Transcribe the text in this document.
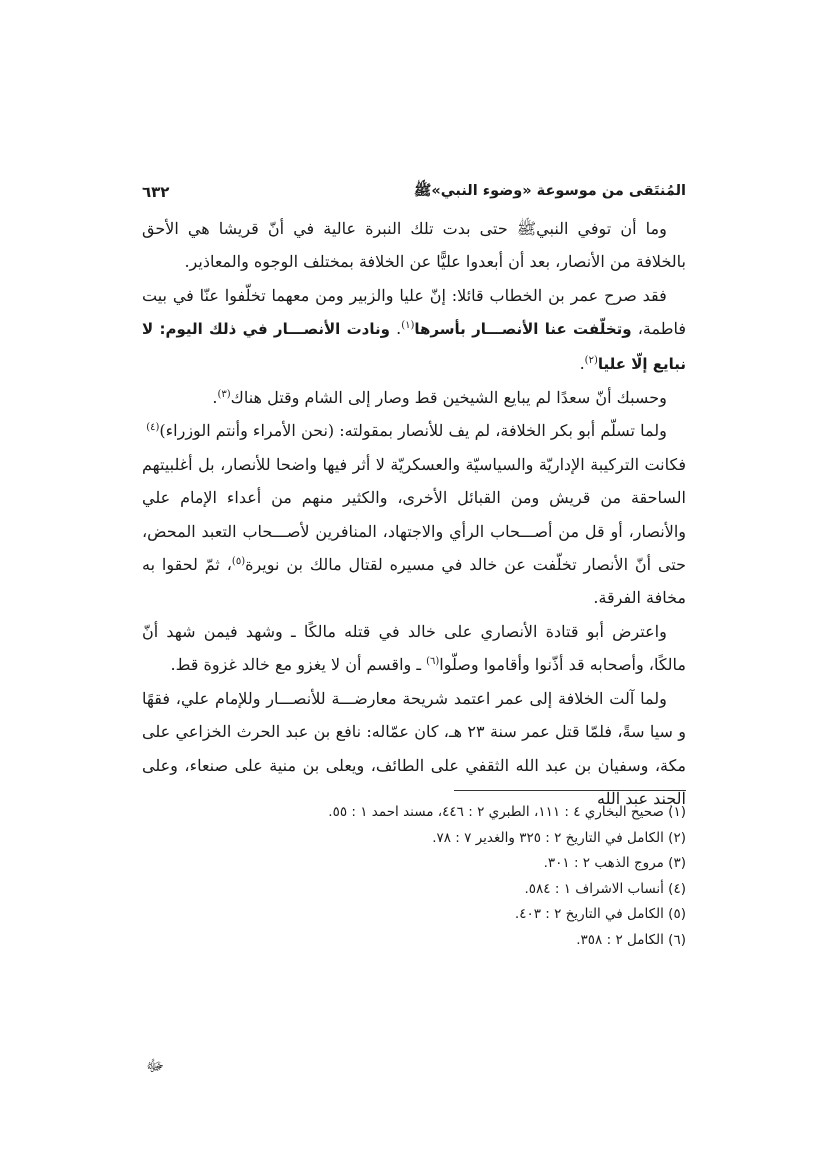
المُنتَقى من موسوعة «وضوء النبي»ﷺ
٦٣٢

وما أن توفي النبيﷺ حتى بدت تلك النبرة عالية في أنّ قريشا هي الأحق بالخلافة من الأنصار، بعد أن أبعدوا عليًّا عن الخلافة بمختلف الوجوه والمعاذير.

فقد صرح عمر بن الخطاب قائلا: إنّ عليا والزبير ومن معهما تخلّفوا عنّا في بيت فاطمة، وتخلّفت عنا الأنصـــار بأسرها$^{(١)}$. ونادت الأنصـــار في ذلك اليوم: لا نبايع إلّا عليا$^{(٢)}$.

وحسبك أنّ سعدًا لم يبايع الشيخين قط وصار إلى الشام وقتل هناك$^{(٣)}$.

ولما تسلّم أبو بكر الخلافة، لم يف للأنصار بمقولته: (نحن الأمراء وأنتم الوزراء)$^{(٤)}$

فكانت التركيبة الإداريّة والسياسيّة والعسكريّة لا أثر فيها واضحا للأنصار، بل أغلبيتهم الساحقة من قريش ومن القبائل الأخرى، والكثير منهم من أعداء الإمام علي والأنصار، أو قل من أصـــحاب الرأي والاجتهاد، المنافرين لأصـــحاب التعبد المحض، حتى أنّ الأنصار تخلّفت عن خالد في مسيره لقتال مالك بن نويرة$^{(٥)}$، ثمّ لحقوا به مخافة الفرقة.

واعترض أبو قتادة الأنصاري على خالد في قتله مالكًا ـ وشهد فيمن شهد أنّ مالكًا، وأصحابه قد أذّنوا وأقاموا وصلّوا$^{(٦)}$ ـ واقسم أن لا يغزو مع خالد غزوة قط.

ولما آلت الخلافة إلى عمر اعتمد شريحة معارضـــة للأنصـــار وللإمام علي، فقهًا و سيا سةً، فلمّا قتل عمر سنة ٢٣ هـ، كان عمّاله: نافع بن عبد الحرث الخزاعي على مكة، وسفيان بن عبد الله الثقفي على الطائف، ويعلى بن منية على صنعاء، وعلى الجند عبد الله

(١) صحيح البخاري ٤ : ١١١، الطبري ٢ : ٤٤٦، مسند احمد ١ : ٥٥.

(٢) الكامل في التاريخ ٢ : ٣٢٥ والغدير ٧ : ٧٨.

(٣) مروج الذهب ٢ : ٣٠١.

(٤) أنساب الاشراف ١ : ٥٨٤.

(٥) الكامل في التاريخ ٢ : ٤٠٣.

(٦) الكامل ٢ : ٣٥٨.

ﷻ
